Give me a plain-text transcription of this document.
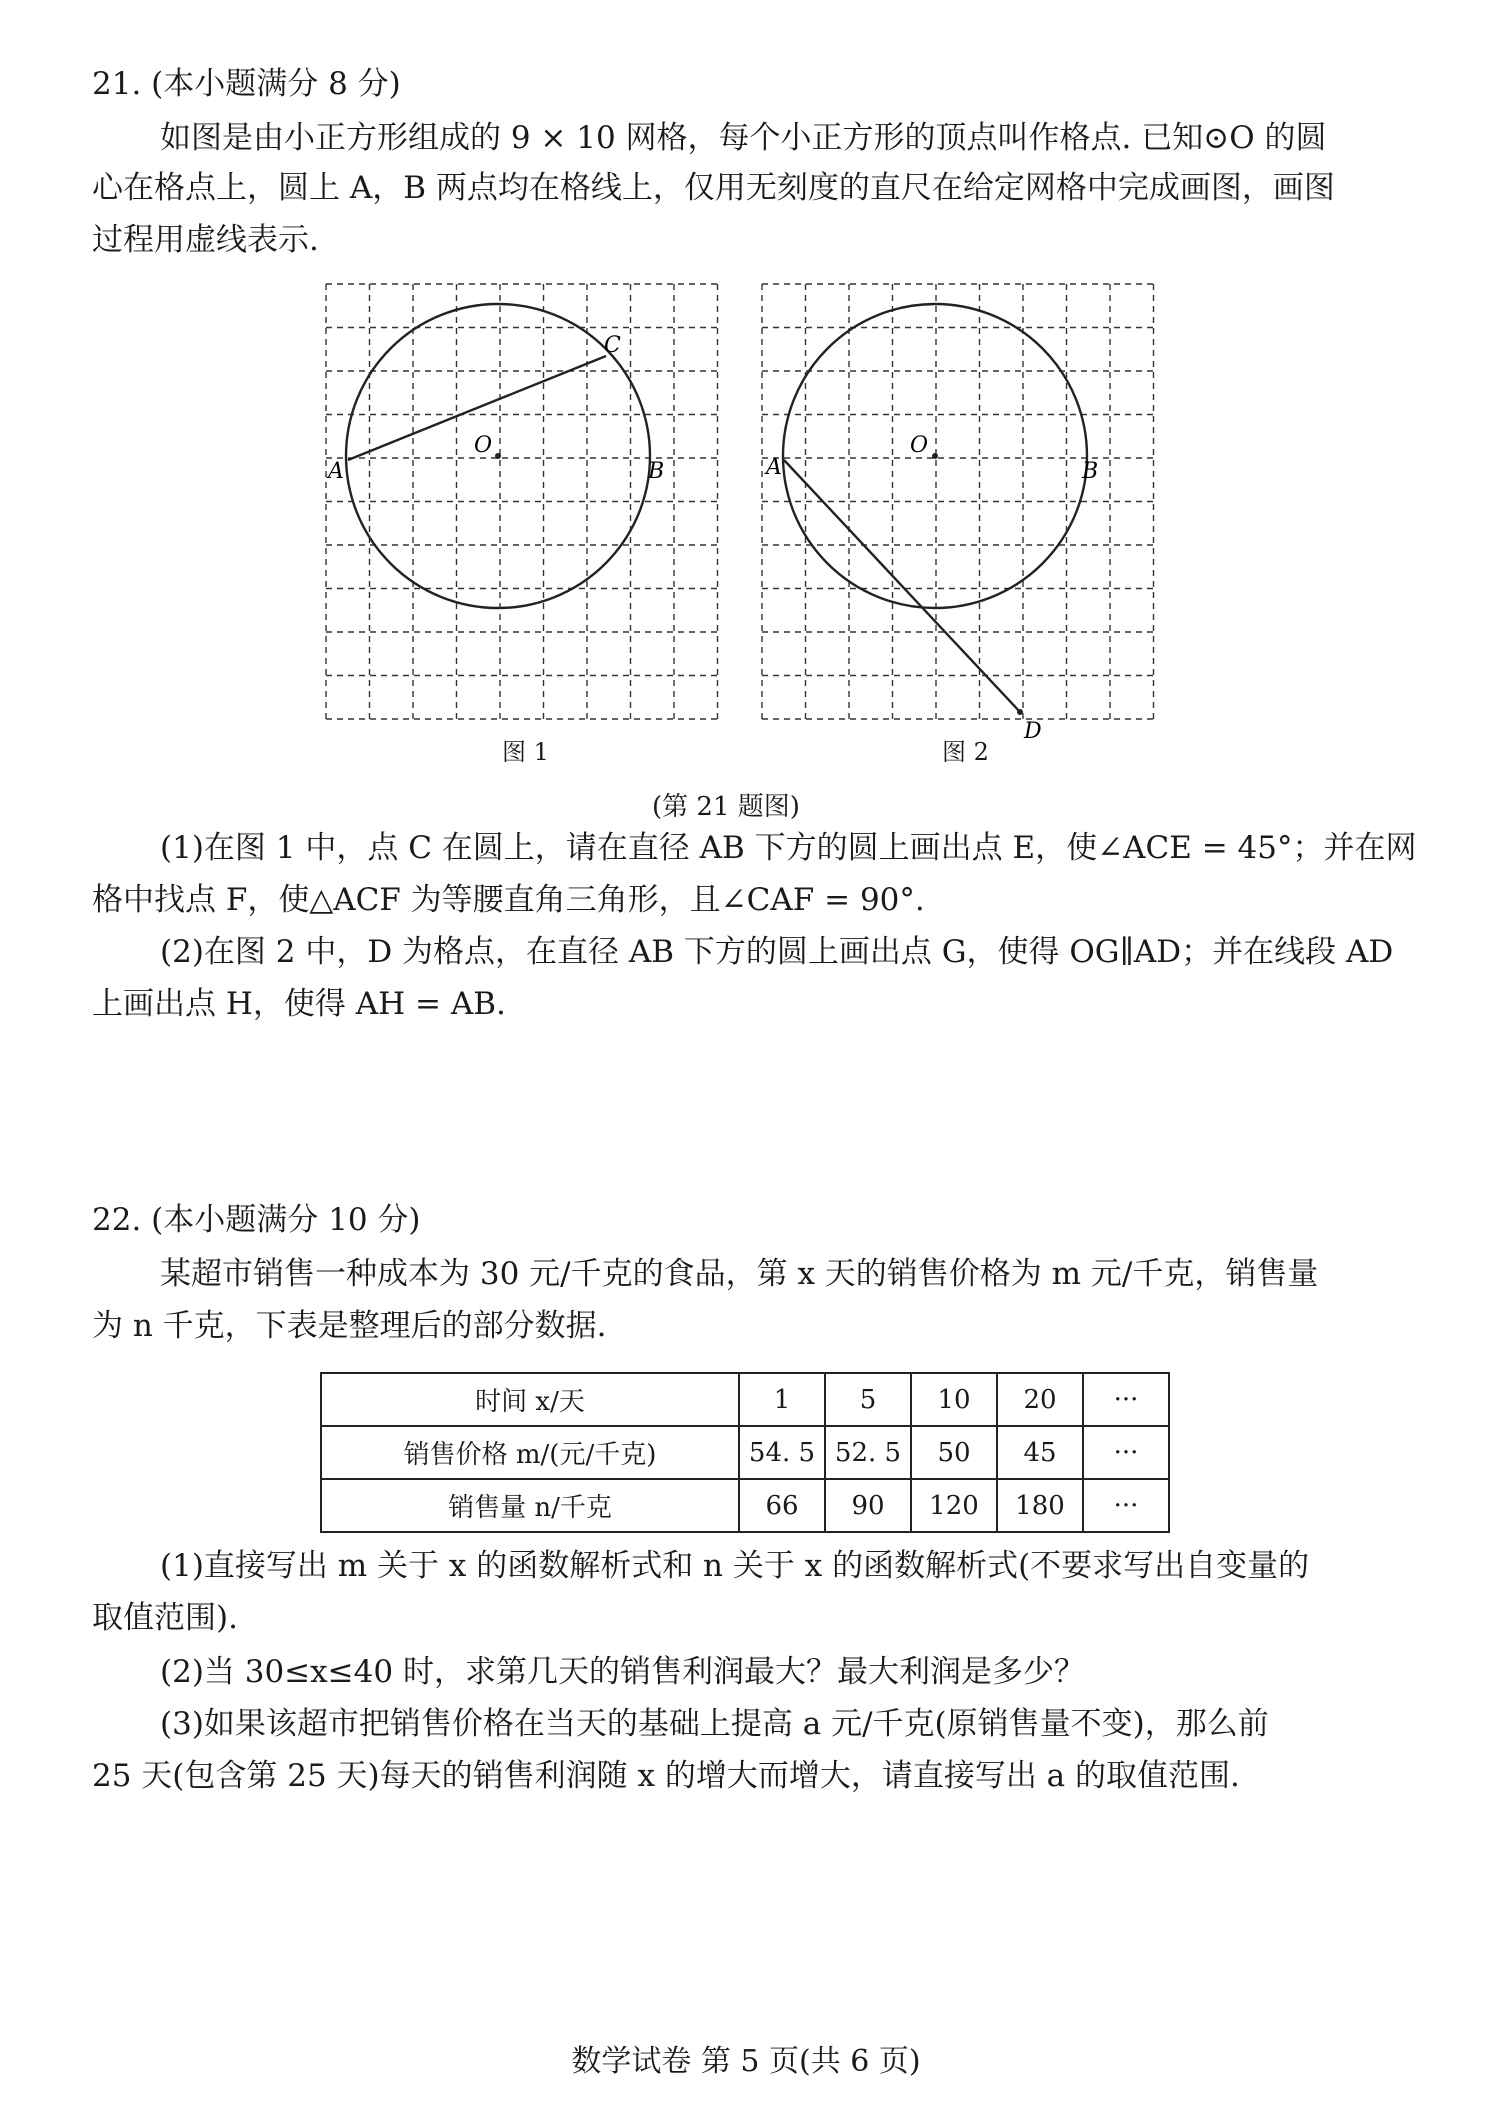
21. (本小题满分 8 分)
如图是由小正方形组成的 9 × 10 网格，每个小正方形的顶点叫作格点. 已知⊙O 的圆
心在格点上，圆上 A，B 两点均在格线上，仅用无刻度的直尺在给定网格中完成画图，画图
过程用虚线表示.
A	B
C
O
A	B
O
D
图 1	图 2
(第 21 题图)
(1)在图 1 中，点 C 在圆上，请在直径 AB 下方的圆上画出点 E，使∠ACE = 45°；并在网
格中找点 F，使△ACF 为等腰直角三角形，且∠CAF = 90°.
(2)在图 2 中，D 为格点，在直径 AB 下方的圆上画出点 G，使得 OG∥AD；并在线段 AD
上画出点 H，使得 AH = AB.
22. (本小题满分 10 分)
某超市销售一种成本为 30 元/千克的食品，第 x 天的销售价格为 m 元/千克，销售量
为 n 千克，下表是整理后的部分数据.
时间 x/天	1	5	10	20	···
销售价格 m/(元/千克)	54. 5	52. 5	50	45	···
销售量 n/千克	66	90	120	180	···
(1)直接写出 m 关于 x 的函数解析式和 n 关于 x 的函数解析式(不要求写出自变量的
取值范围).
(2)当 30≤x≤40 时，求第几天的销售利润最大？最大利润是多少？
(3)如果该超市把销售价格在当天的基础上提高 a 元/千克(原销售量不变)，那么前
25 天(包含第 25 天)每天的销售利润随 x 的增大而增大，请直接写出 a 的取值范围.
数学试卷 第 5 页(共 6 页)
